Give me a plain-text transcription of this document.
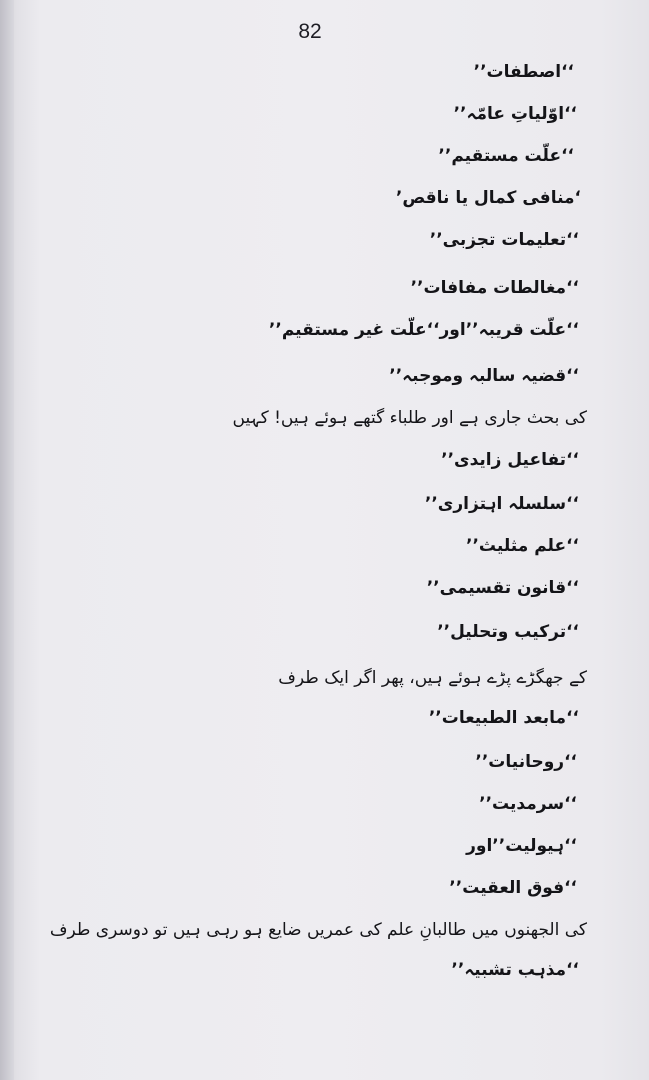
82
‘‘اصطفات’’
‘‘اوّلیاتِ عامّہ’’
‘‘علّت مستقیم’’
‘منافی کمال یا ناقص’
‘‘تعلیمات تجزبی’’
‘‘مغالطات مفافات’’
‘‘علّت قریبہ’’اور‘‘علّت غیر مستقیم’’
‘‘قضیہ سالبہ وموجبہ’’
کی بحث جاری ہے اور طلباء گتھے ہوئے ہیں! کہیں
‘‘تفاعیل زایدی’’
‘‘سلسلہ اہتزاری’’
‘‘علم مثلیث’’
‘‘قانون تقسیمی’’
‘‘ترکیب وتحلیل’’
کے جھگڑے پڑے ہوئے ہیں، پھر اگر ایک طرف
‘‘مابعد الطبیعات’’
‘‘روحانیات’’
‘‘سرمدیت’’
‘‘ہیولیت’’اور
‘‘فوق العقیت’’
کی الجھنوں میں طالبانِ علم کی عمریں ضایع ہو رہی ہیں تو دوسری طرف
‘‘مذہب تشبیہ’’
